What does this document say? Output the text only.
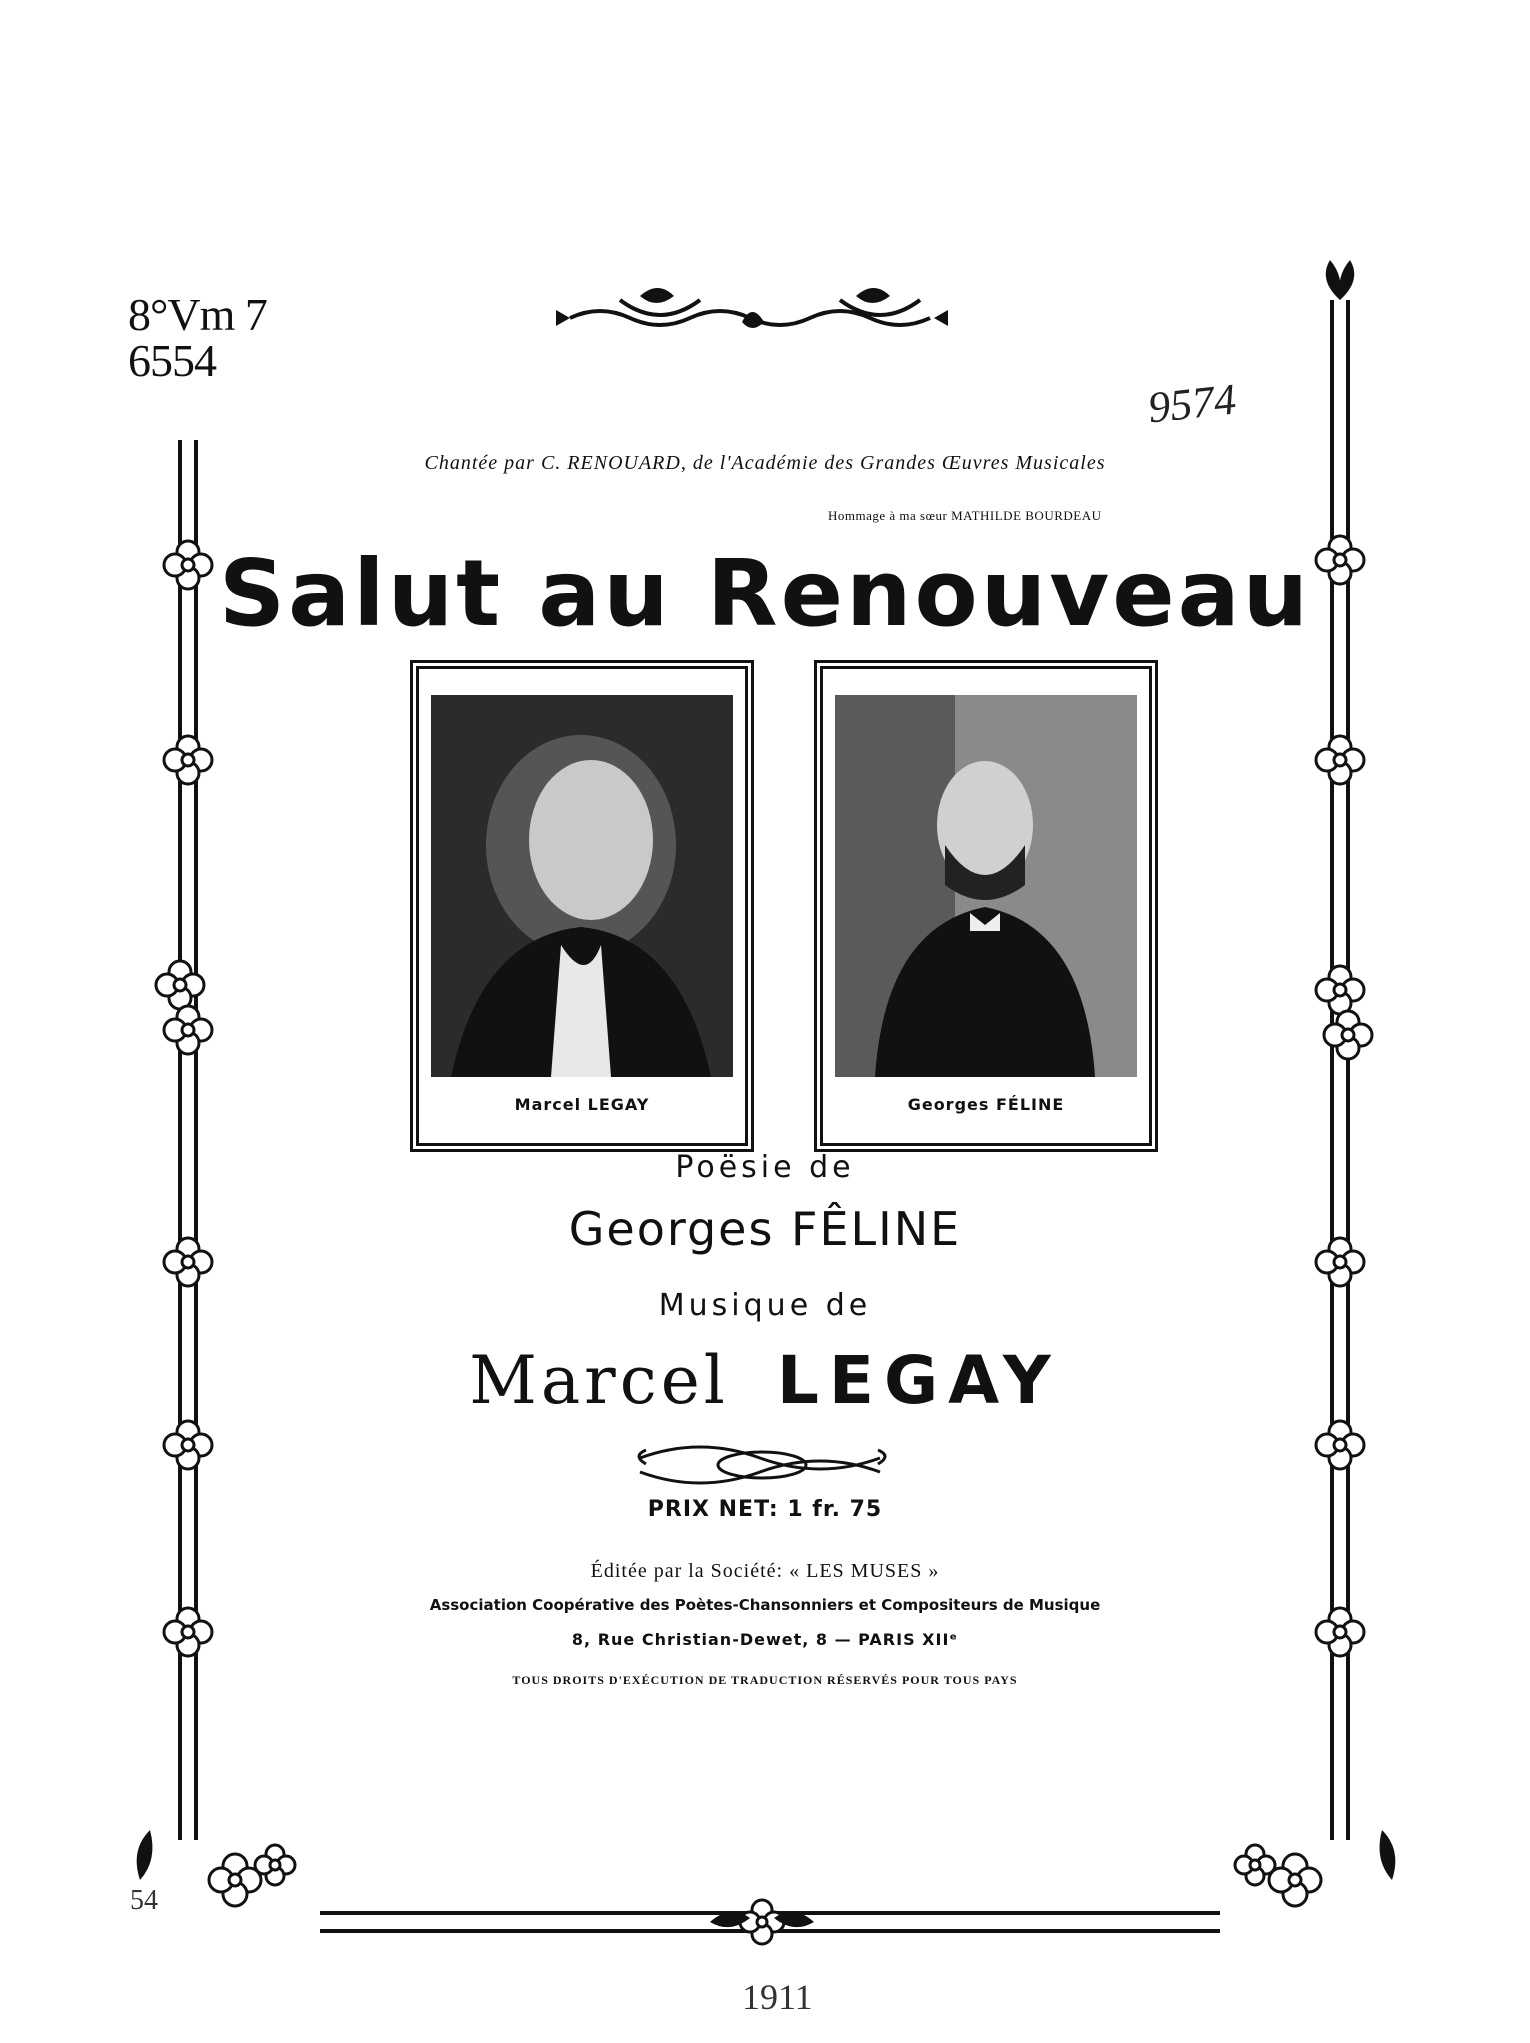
8°Vm 7
6554
9574
54
Chantée par C. RENOUARD, de l'Académie des Grandes Œuvres Musicales
Hommage à ma sœur MATHILDE BOURDEAU
Salut au Renouveau
Marcel LEGAY	Georges FÉLINE
Poësie de
Georges FÊLINE
Musique de
Marcel LEGAY
PRIX NET: 1 fr. 75
Éditée par la Société: « LES MUSES »
Association Coopérative des Poètes-Chansonniers et Compositeurs de Musique
8, Rue Christian-Dewet, 8 — PARIS XIIᵉ
TOUS DROITS D'EXÉCUTION DE TRADUCTION RÉSERVÉS POUR TOUS PAYS
1911
